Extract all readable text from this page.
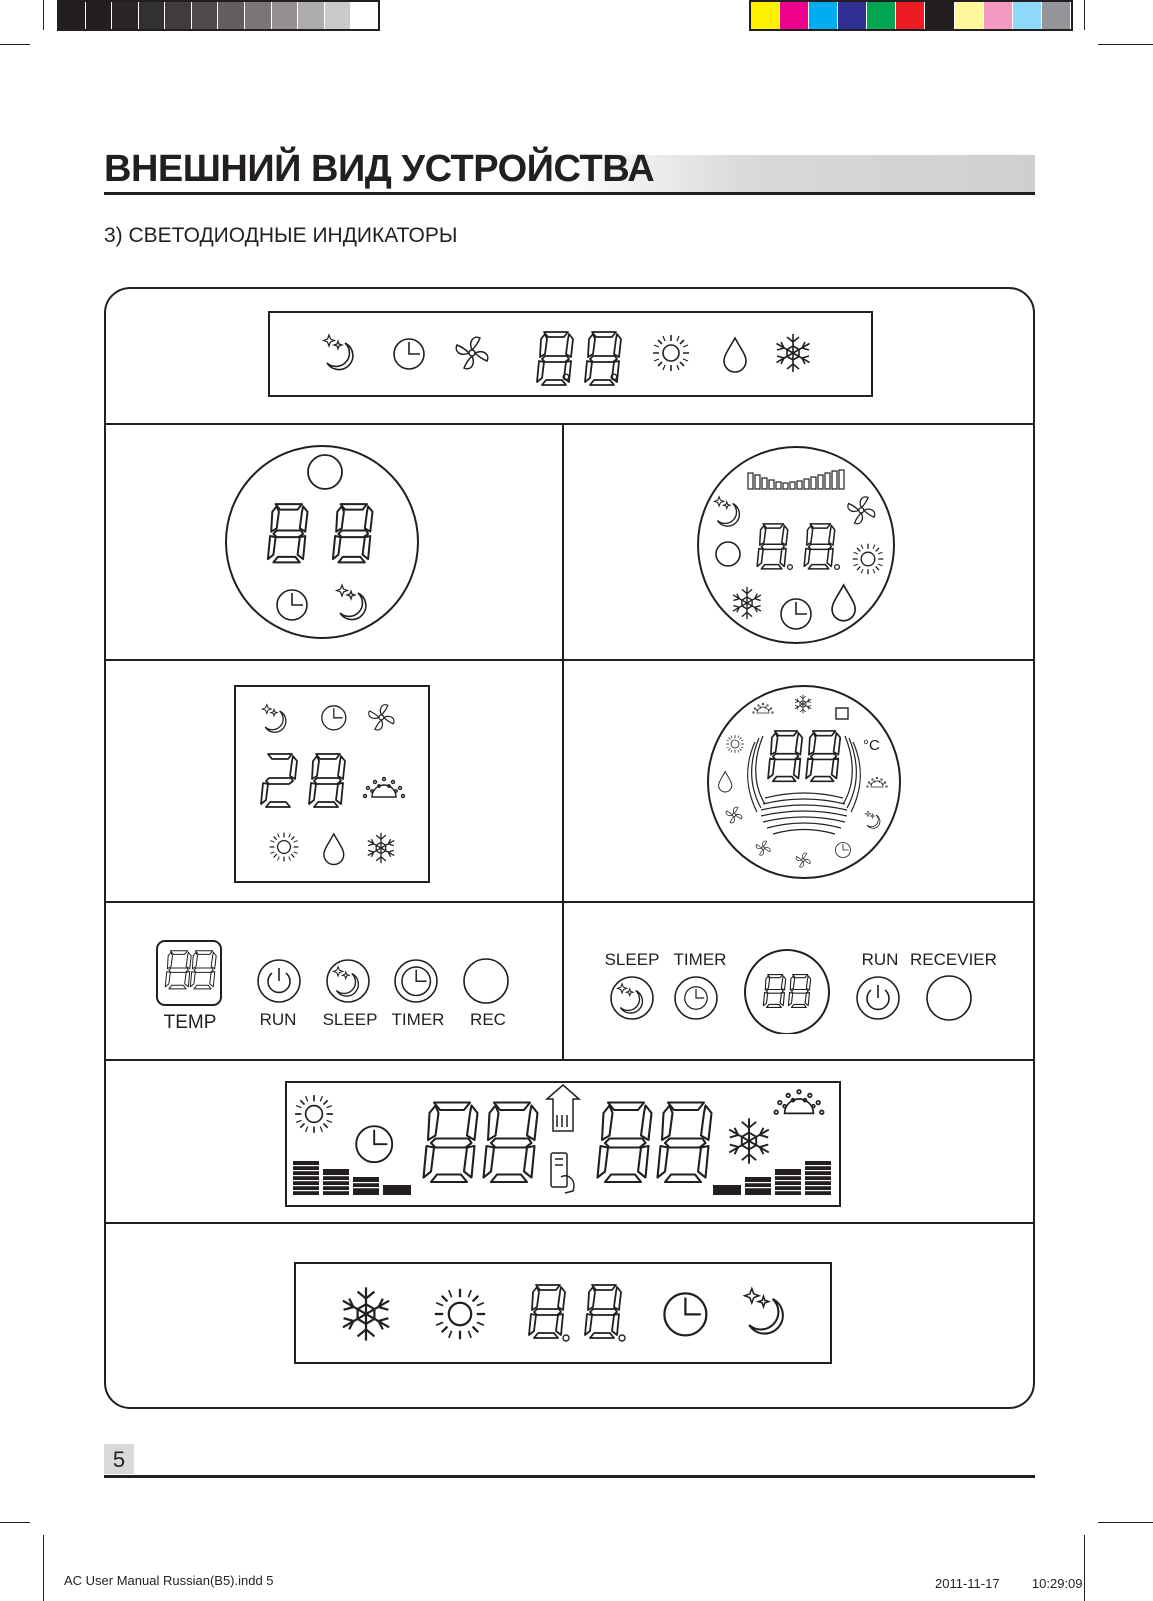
ВНЕШНИЙ ВИД УСТРОЙСТВА
3) СВЕТОДИОДНЫЕ ИНДИКАТОРЫ
°C
TEMP	RUN	SLEEP TIMER	REC
SLEEP TIMER	RUN RECEVIER
5
AC User Manual Russian(B5).indd 5	2011-11-17 ᅟᅟ 10:29:09
